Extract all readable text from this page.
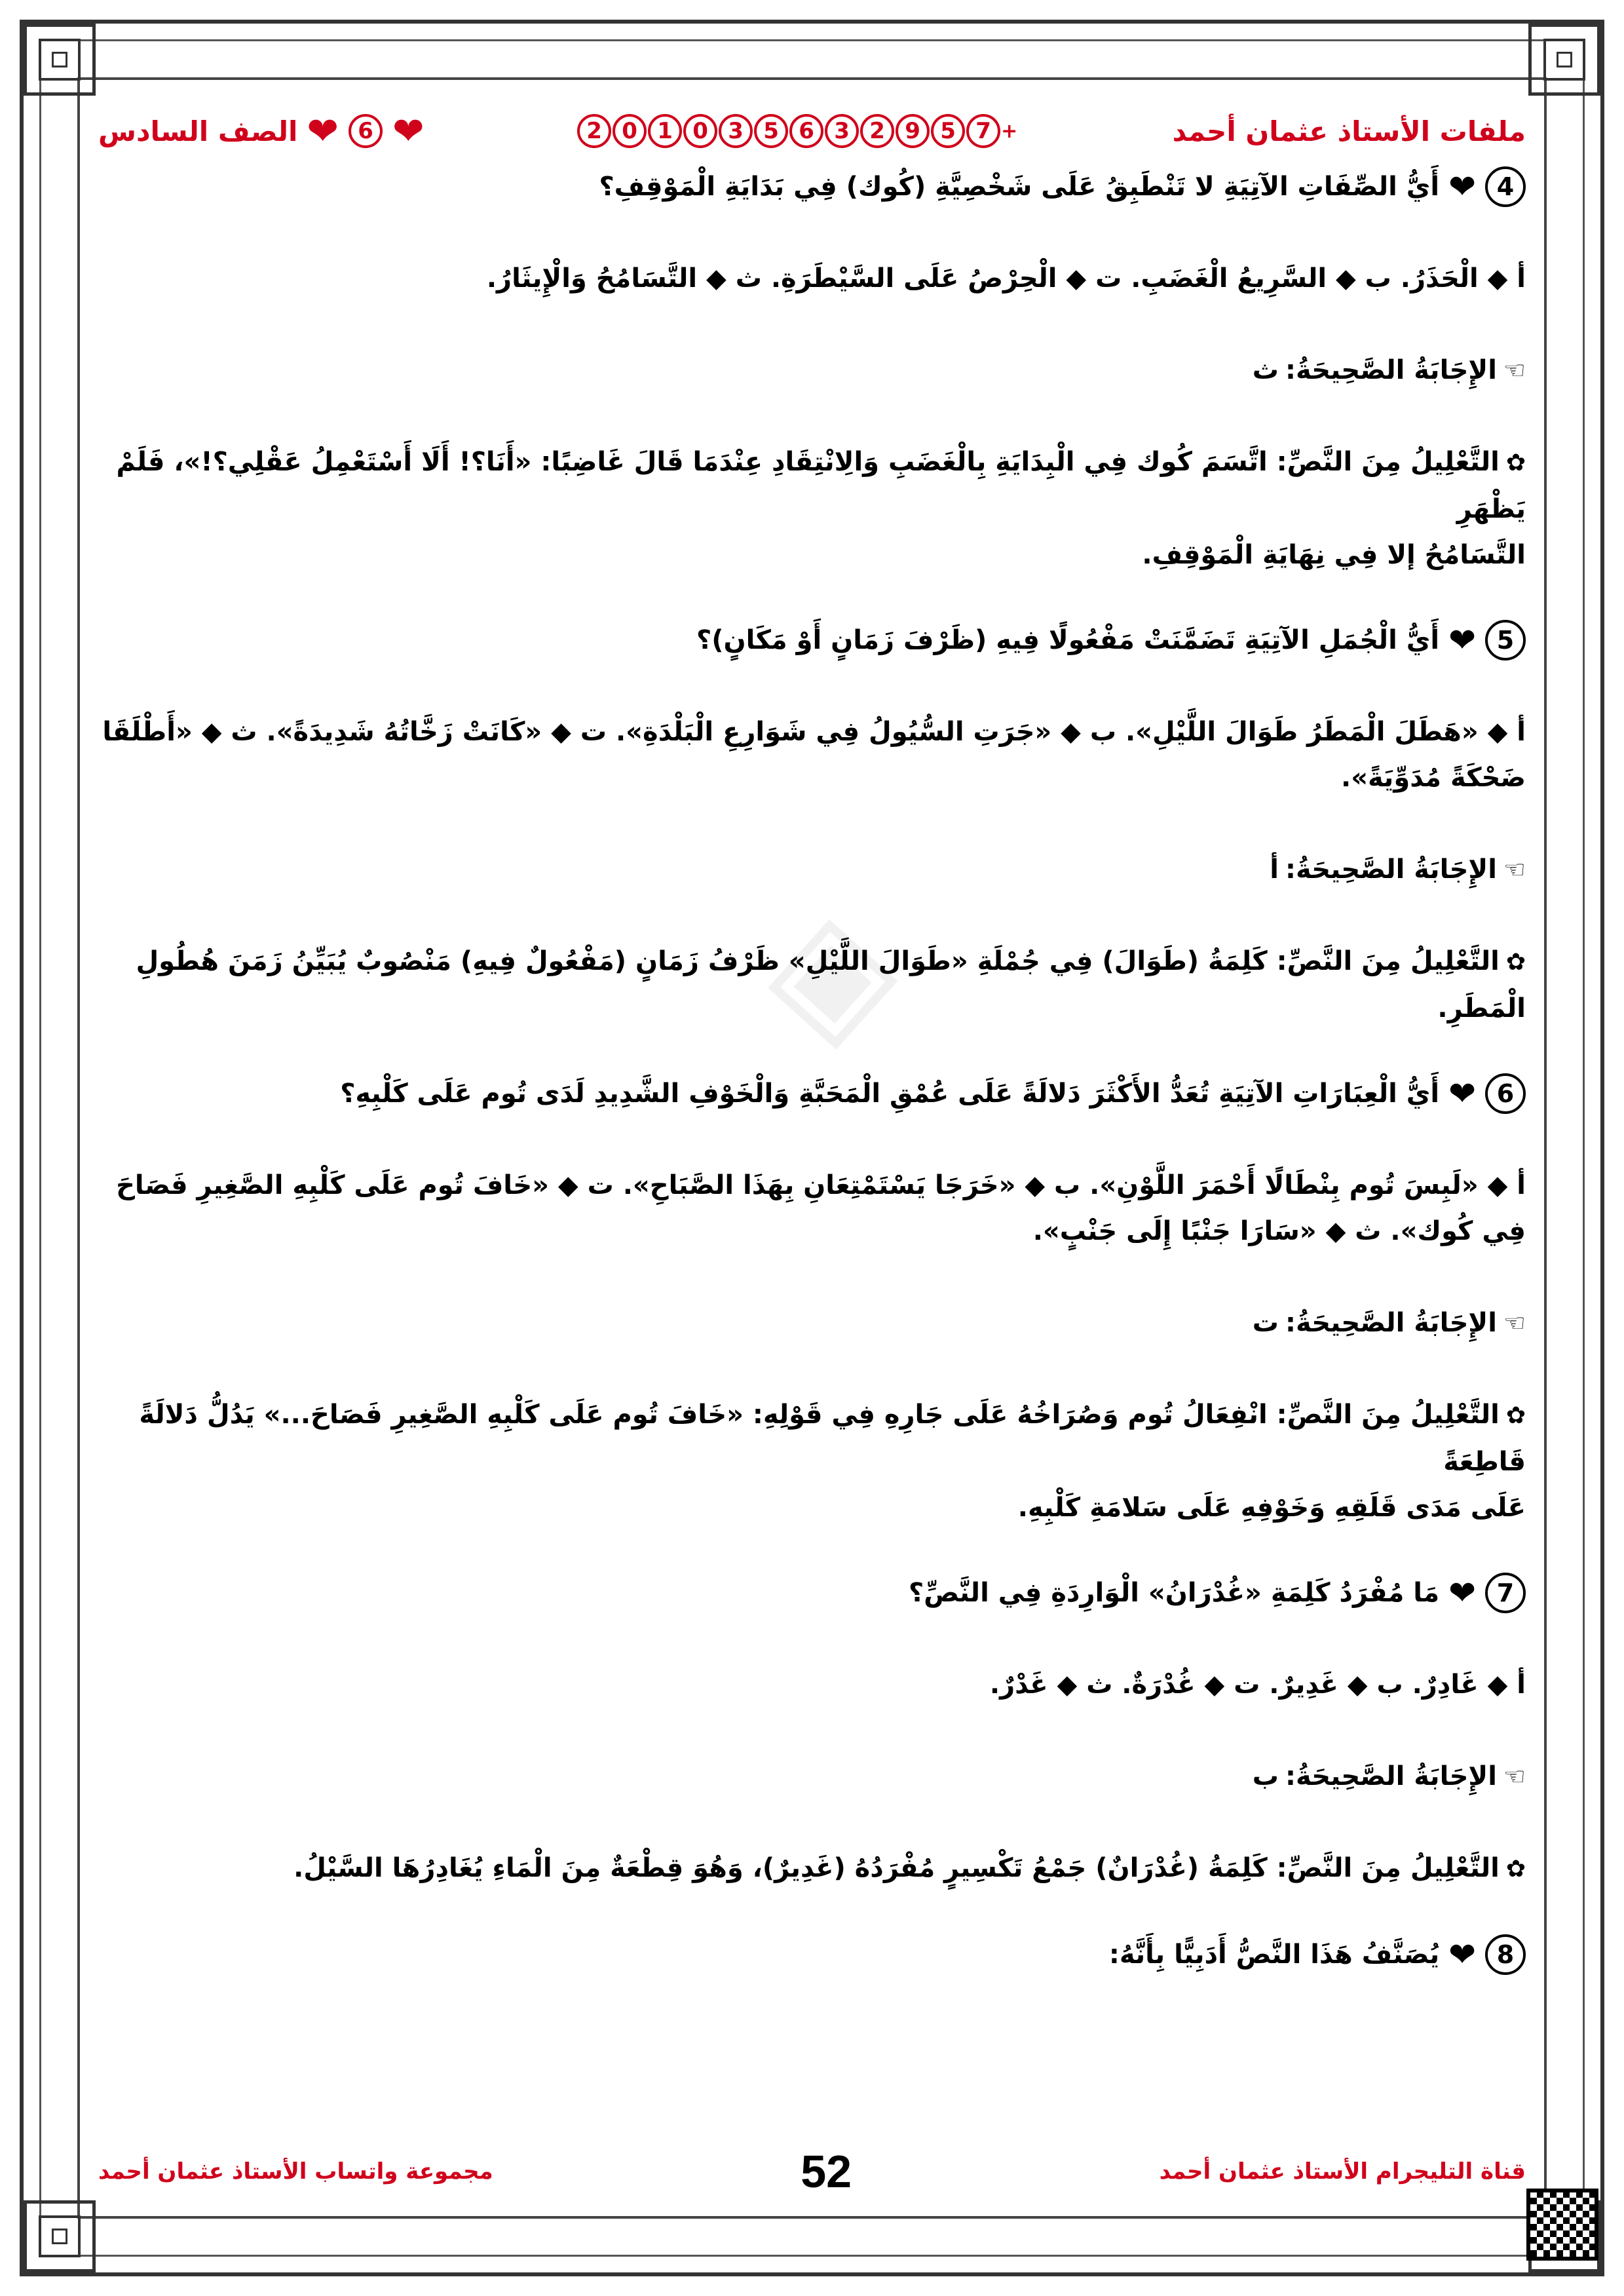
◈
ملفات الأستاذ عثمان أحمد
2 0 1 0 3 5 6 3 2 9 5 7 +
❤
6
❤
الصف السادس
4
❤
أَيُّ الصِّفَاتِ الآتِيَةِ لا تَنْطَبِقُ عَلَى شَخْصِيَّةِ (كُوك) فِي بَدَايَةِ الْمَوْقِفِ؟
أ ◆ الْحَذَرُ. ب ◆ السَّرِيعُ الْغَضَبِ. ت ◆ الْحِرْصُ عَلَى السَّيْطَرَةِ. ث ◆ التَّسَامُحُ وَالْإِيثَارُ.
☜
الإِجَابَةُ الصَّحِيحَةُ:
ث
✿التَّعْلِيلُ مِنَ النَّصِّ: اتَّسَمَ كُوك فِي الْبِدَايَةِ بِالْغَضَبِ وَالِانْتِقَادِ عِنْدَمَا قَالَ غَاضِبًا: «أَنَا؟! أَلَا أَسْتَعْمِلُ عَقْلِي؟!»، فَلَمْ يَظْهَرِ
التَّسَامُحُ إلا فِي نِهَايَةِ الْمَوْقِفِ.
5
❤
أَيُّ الْجُمَلِ الآتِيَةِ تَضَمَّنَتْ مَفْعُولًا فِيهِ (ظَرْفَ زَمَانٍ أَوْ مَكَانٍ)؟
أ ◆ «هَطَلَ الْمَطَرُ طَوَالَ اللَّيْلِ». ب ◆ «جَرَتِ السُّيُولُ فِي شَوَارِعِ الْبَلْدَةِ». ت ◆ «كَانَتْ زَخَّاتُهُ شَدِيدَةً». ث ◆ «أَطْلَقَا
ضَحْكَةً مُدَوِّيَةً».
☜
الإِجَابَةُ الصَّحِيحَةُ:
أ
✿التَّعْلِيلُ مِنَ النَّصِّ: كَلِمَةُ (طَوَالَ) فِي جُمْلَةِ «طَوَالَ اللَّيْلِ» ظَرْفُ زَمَانٍ (مَفْعُولٌ فِيهِ) مَنْصُوبٌ يُبَيِّنُ زَمَنَ هُطُولِ الْمَطَرِ.
6
❤
أَيُّ الْعِبَارَاتِ الآتِيَةِ تُعَدُّ الأَكْثَرَ دَلالَةً عَلَى عُمْقِ الْمَحَبَّةِ وَالْخَوْفِ الشَّدِيدِ لَدَى تُوم عَلَى كَلْبِهِ؟
أ ◆ «لَبِسَ تُوم بِنْطَالًا أَحْمَرَ اللَّوْنِ». ب ◆ «خَرَجَا يَسْتَمْتِعَانِ بِهَذَا الصَّبَاحِ». ت ◆ «خَافَ تُوم عَلَى كَلْبِهِ الصَّغِيرِ فَصَاحَ
فِي كُوك». ث ◆ «سَارَا جَنْبًا إِلَى جَنْبٍ».
☜
الإِجَابَةُ الصَّحِيحَةُ:
ت
✿التَّعْلِيلُ مِنَ النَّصِّ: انْفِعَالُ تُوم وَصُرَاخُهُ عَلَى جَارِهِ فِي قَوْلِهِ: «خَافَ تُوم عَلَى كَلْبِهِ الصَّغِيرِ فَصَاحَ...» يَدُلُّ دَلالَةً قَاطِعَةً
عَلَى مَدَى قَلَقِهِ وَخَوْفِهِ عَلَى سَلامَةِ كَلْبِهِ.
7
❤
مَا مُفْرَدُ كَلِمَةِ «غُدْرَانُ» الْوَارِدَةِ فِي النَّصِّ؟
أ ◆ غَادِرٌ. ب ◆ غَدِيرٌ. ت ◆ غُدْرَةٌ. ث ◆ غَدْرٌ.
☜
الإِجَابَةُ الصَّحِيحَةُ:
ب
✿التَّعْلِيلُ مِنَ النَّصِّ: كَلِمَةُ (غُدْرَانٌ) جَمْعُ تَكْسِيرٍ مُفْرَدُهُ (غَدِيرٌ)، وَهُوَ قِطْعَةٌ مِنَ الْمَاءِ يُغَادِرُهَا السَّيْلُ.
8
❤
يُصَنَّفُ هَذَا النَّصُّ أَدَبِيًّا بِأَنَّهُ:
قناة التليجرام الأستاذ عثمان أحمد
52
مجموعة واتساب الأستاذ عثمان أحمد
